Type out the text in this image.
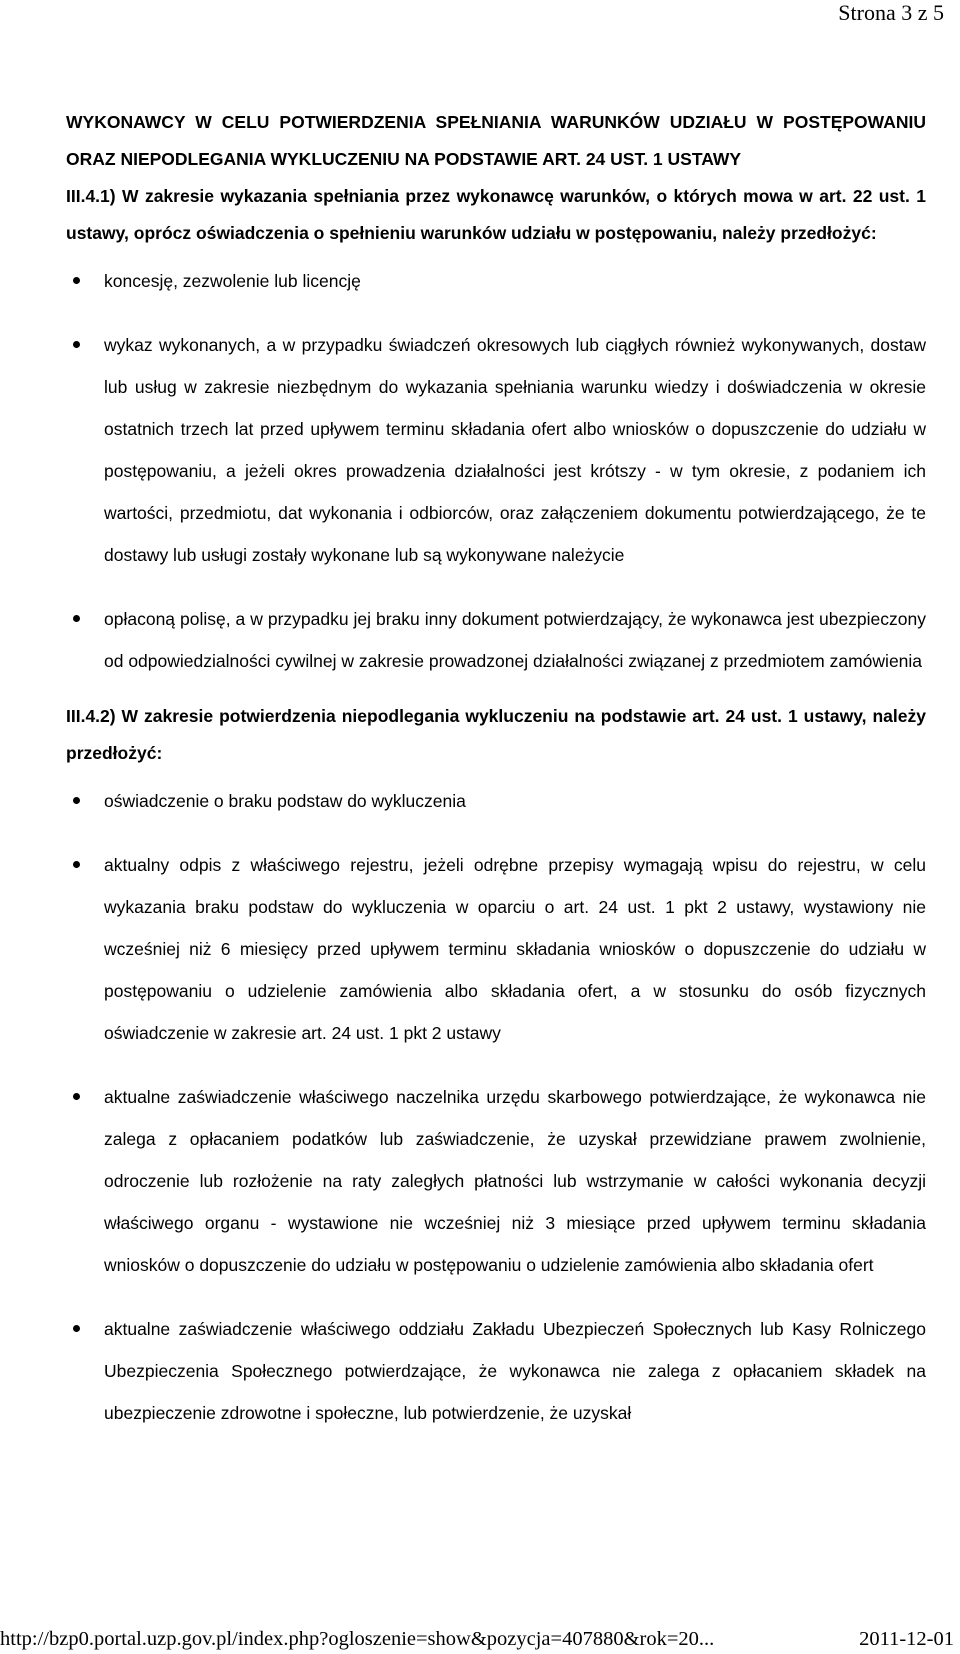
Strona 3 z 5

WYKONAWCY W CELU POTWIERDZENIA SPEŁNIANIA WARUNKÓW UDZIAŁU W POSTĘPOWANIU ORAZ NIEPODLEGANIA WYKLUCZENIU NA PODSTAWIE ART. 24 UST. 1 USTAWY

III.4.1) W zakresie wykazania spełniania przez wykonawcę warunków, o których mowa w art. 22 ust. 1 ustawy, oprócz oświadczenia o spełnieniu warunków udziału w postępowaniu, należy przedłożyć:

koncesję, zezwolenie lub licencję
wykaz wykonanych, a w przypadku świadczeń okresowych lub ciągłych również wykonywanych, dostaw lub usług w zakresie niezbędnym do wykazania spełniania warunku wiedzy i doświadczenia w okresie ostatnich trzech lat przed upływem terminu składania ofert albo wniosków o dopuszczenie do udziału w postępowaniu, a jeżeli okres prowadzenia działalności jest krótszy - w tym okresie, z podaniem ich wartości, przedmiotu, dat wykonania i odbiorców, oraz załączeniem dokumentu potwierdzającego, że te dostawy lub usługi zostały wykonane lub są wykonywane należycie
opłaconą polisę, a w przypadku jej braku inny dokument potwierdzający, że wykonawca jest ubezpieczony od odpowiedzialności cywilnej w zakresie prowadzonej działalności związanej z przedmiotem zamówienia

III.4.2) W zakresie potwierdzenia niepodlegania wykluczeniu na podstawie art. 24 ust. 1 ustawy, należy przedłożyć:

oświadczenie o braku podstaw do wykluczenia
aktualny odpis z właściwego rejestru, jeżeli odrębne przepisy wymagają wpisu do rejestru, w celu wykazania braku podstaw do wykluczenia w oparciu o art. 24 ust. 1 pkt 2 ustawy, wystawiony nie wcześniej niż 6 miesięcy przed upływem terminu składania wniosków o dopuszczenie do udziału w postępowaniu o udzielenie zamówienia albo składania ofert, a w stosunku do osób fizycznych oświadczenie w zakresie art. 24 ust. 1 pkt 2 ustawy
aktualne zaświadczenie właściwego naczelnika urzędu skarbowego potwierdzające, że wykonawca nie zalega z opłacaniem podatków lub zaświadczenie, że uzyskał przewidziane prawem zwolnienie, odroczenie lub rozłożenie na raty zaległych płatności lub wstrzymanie w całości wykonania decyzji właściwego organu - wystawione nie wcześniej niż 3 miesiące przed upływem terminu składania wniosków o dopuszczenie do udziału w postępowaniu o udzielenie zamówienia albo składania ofert
aktualne zaświadczenie właściwego oddziału Zakładu Ubezpieczeń Społecznych lub Kasy Rolniczego Ubezpieczenia Społecznego potwierdzające, że wykonawca nie zalega z opłacaniem składek na ubezpieczenie zdrowotne i społeczne, lub potwierdzenie, że uzyskał
http://bzp0.portal.uzp.gov.pl/index.php?ogloszenie=show&pozycja=407880&rok=20...	2011-12-01
